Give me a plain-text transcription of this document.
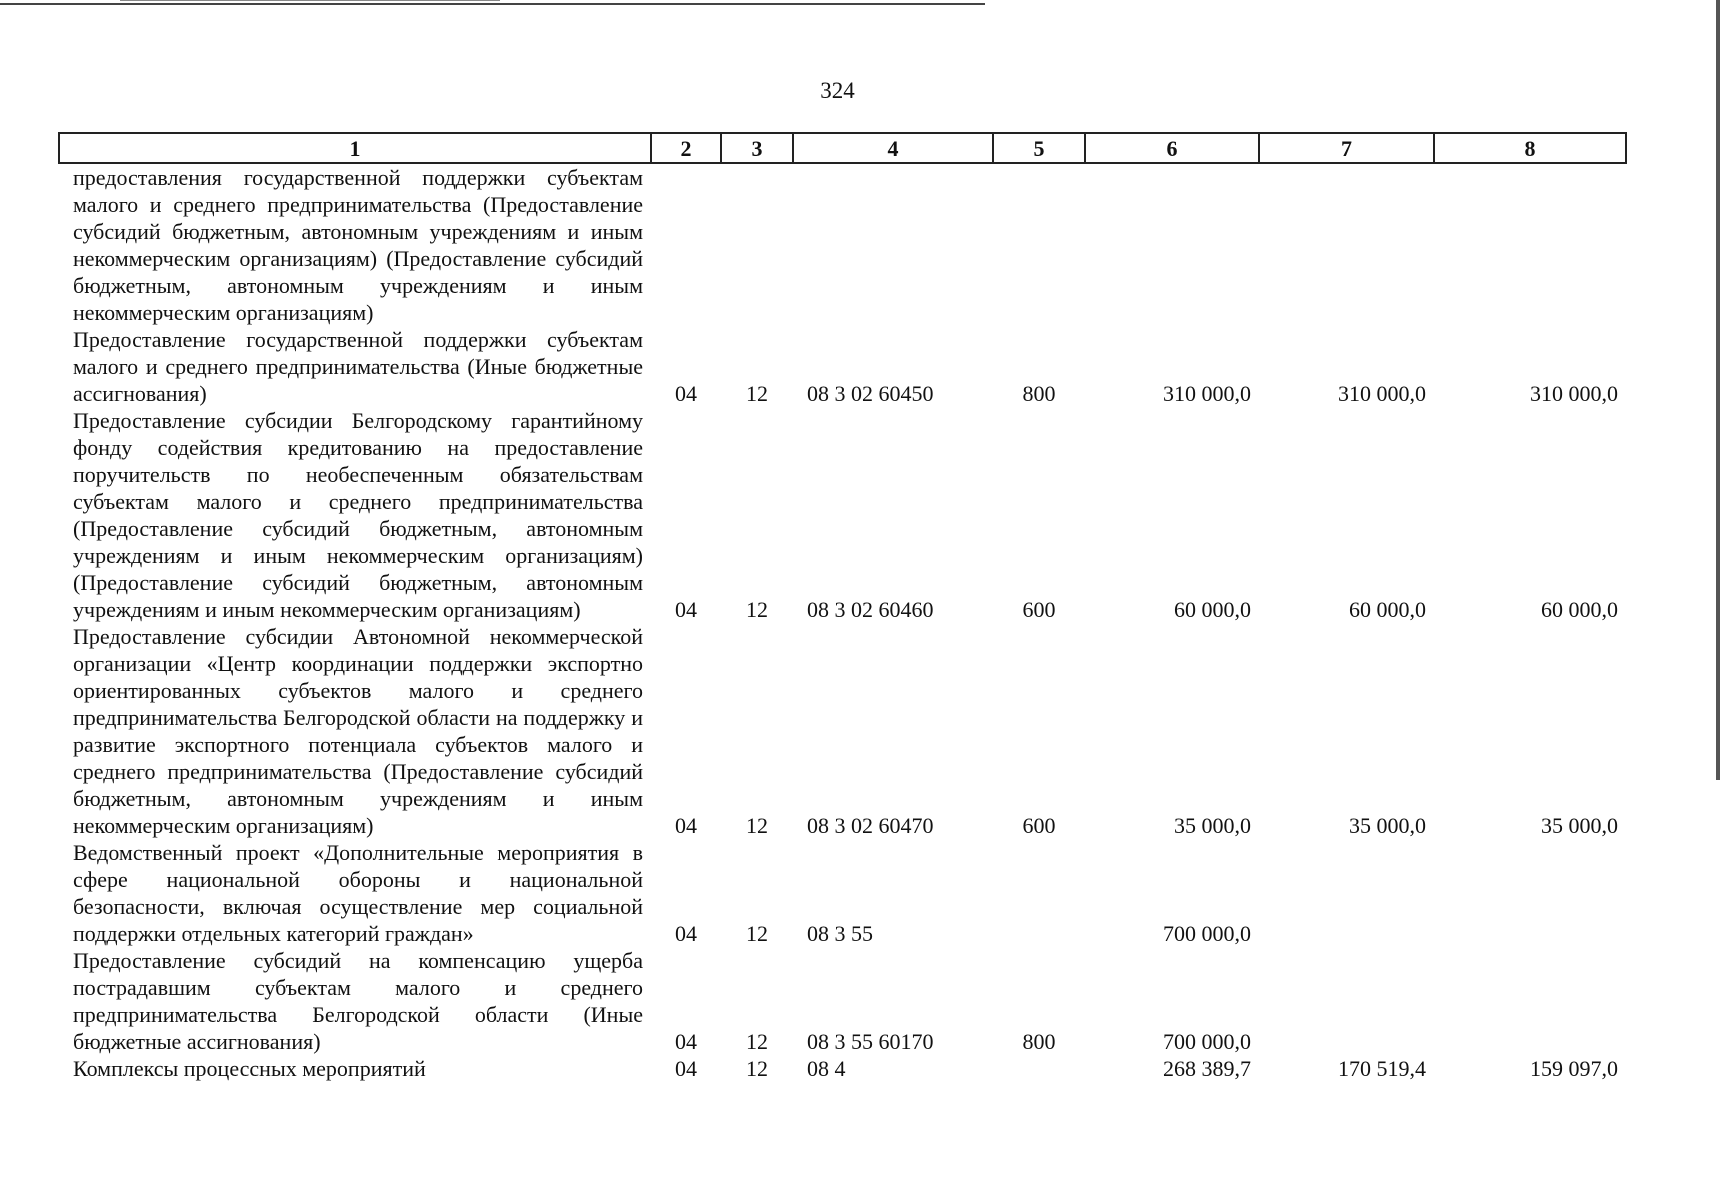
324
1	2	3	4	5	6	7	8
предоставления государственной поддержки субъектам малого и среднего предпринимательства (Предоставление субсидий бюджетным, автономным учреждениям и иным некоммерческим организациям) (Предоставление субсидий бюджетным, автономным учреждениям и иным некоммерческим организациям)							
Предоставление государственной поддержки субъектам малого и среднего предпринимательства (Иные бюджетные ассигнования)	04	12	08 3 02 60450	800	310 000,0	310 000,0	310 000,0
Предоставление субсидии Белгородскому гарантийному фонду содействия кредитованию на предоставление поручительств по необеспеченным обязательствам субъектам малого и среднего предпринимательства (Предоставление субсидий бюджетным, автономным учреждениям и иным некоммерческим организациям) (Предоставление субсидий бюджетным, автономным учреждениям и иным некоммерческим организациям)	04	12	08 3 02 60460	600	60 000,0	60 000,0	60 000,0
Предоставление субсидии Автономной некоммерческой организации «Центр координации поддержки экспортно ориентированных субъектов малого и среднего предпринимательства Белгородской области на поддержку и развитие экспортного потенциала субъектов малого и среднего предпринимательства (Предоставление субсидий бюджетным, автономным учреждениям и иным некоммерческим организациям)	04	12	08 3 02 60470	600	35 000,0	35 000,0	35 000,0
Ведомственный проект «Дополнительные мероприятия в сфере национальной обороны и национальной безопасности, включая осуществление мер социальной поддержки отдельных категорий граждан»	04	12	08 3 55		700 000,0		
Предоставление субсидий на компенсацию ущерба пострадавшим субъектам малого и среднего предпринимательства Белгородской области (Иные бюджетные ассигнования)	04	12	08 3 55 60170	800	700 000,0		
Комплексы процессных мероприятий	04	12	08 4		268 389,7	170 519,4	159 097,0
